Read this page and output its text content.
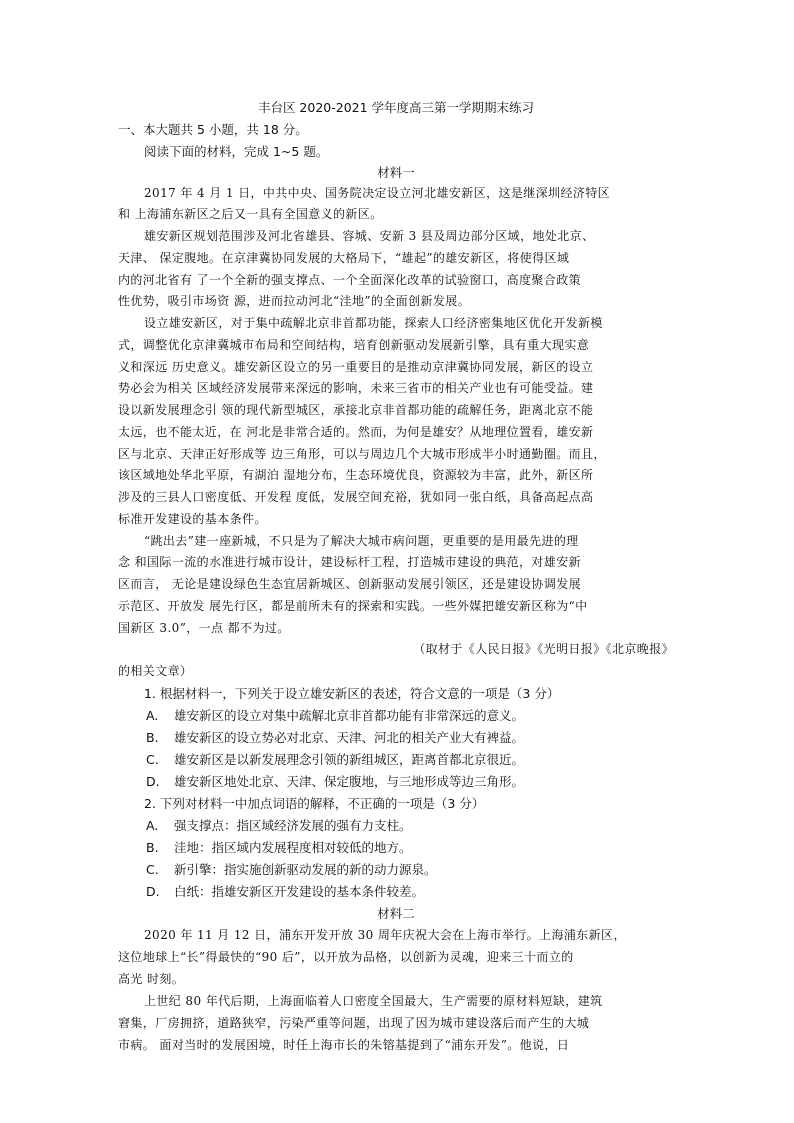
丰台区 2020-2021 学年度高三第一学期期末练习
一、本大题共 5 小题，共 18 分。
阅读下面的材料，完成 1~5 题。
材料一
2017 年 4 月 1 日，中共中央、国务院决定设立河北雄安新区，这是继深圳经济特区
和 上海浦东新区之后又一具有全国意义的新区。
雄安新区规划范围涉及河北省雄县、容城、安新 3 县及周边部分区域，地处北京、
天津、 保定腹地。在京津冀协同发展的大格局下，“雄起”的雄安新区，将使得区域
内的河北省有 了一个全新的强支撑点、一个全面深化改革的试验窗口，高度聚合政策
性优势，吸引市场资 源，进而拉动河北“洼地”的全面创新发展。
设立雄安新区，对于集中疏解北京非首都功能，探索人口经济密集地区优化开发新模
式，调整优化京津冀城市布局和空间结构，培育创新驱动发展新引擎，具有重大现实意
义和深远 历史意义。雄安新区设立的另一重要目的是推动京津冀协同发展，新区的设立
势必会为相关 区域经济发展带来深远的影响，未来三省市的相关产业也有可能受益。建
设以新发展理念引 领的现代新型城区，承接北京非首都功能的疏解任务，距离北京不能
太远，也不能太近，在 河北是非常合适的。然而，为何是雄安？从地理位置看，雄安新
区与北京、天津正好形成等 边三角形，可以与周边几个大城市形成半小时通勤圈。而且，
该区域地处华北平原，有湖泊 湿地分布，生态环境优良，资源较为丰富，此外，新区所
涉及的三县人口密度低、开发程 度低，发展空间充裕，犹如同一张白纸，具备高起点高
标准开发建设的基本条件。
“跳出去”建一座新城，不只是为了解决大城市病问题，更重要的是用最先进的理
念 和国际一流的水准进行城市设计，建设标杆工程，打造城市建设的典范，对雄安新
区而言， 无论是建设绿色生态宜居新城区、创新驱动发展引领区，还是建设协调发展
示范区、开放发 展先行区，都是前所未有的探索和实践。一些外媒把雄安新区称为“中
国新区 3.0”，一点 都不为过。
（取材于《人民日报》《光明日报》《北京晚报》
的相关文章）
1. 根据材料一，下列关于设立雄安新区的表述，符合文意的一项是（3 分）
A. 雄安新区的设立对集中疏解北京非首都功能有非常深远的意义。
B. 雄安新区的设立势必对北京、天津、河北的相关产业大有裨益。
C. 雄安新区是以新发展理念引领的新组城区，距离首都北京很近。
D. 雄安新区地处北京、天津、保定腹地，与三地形成等边三角形。
2. 下列对材料一中加点词语的解释，不正确的一项是（3 分）
A. 强支撑点：指区域经济发展的强有力支柱。
B. 洼地：指区域内发展程度相对较低的地方。
C. 新引擎：指实施创新驱动发展的新的动力源泉。
D. 白纸：指雄安新区开发建设的基本条件较差。
材料二
2020 年 11 月 12 日，浦东开发开放 30 周年庆祝大会在上海市举行。上海浦东新区，
这位地球上“长”得最快的“90 后”，以开放为品格，以创新为灵魂，迎来三十而立的
高光 时刻。
上世纪 80 年代后期，上海面临着人口密度全国最大，生产需要的原材料短缺，建筑
窘集，厂房拥挤，道路狭窄，污染严重等问题，出现了因为城市建设落后而产生的大城
市病。 面对当时的发展困境，时任上海市长的朱镕基提到了“浦东开发”。他说，日
